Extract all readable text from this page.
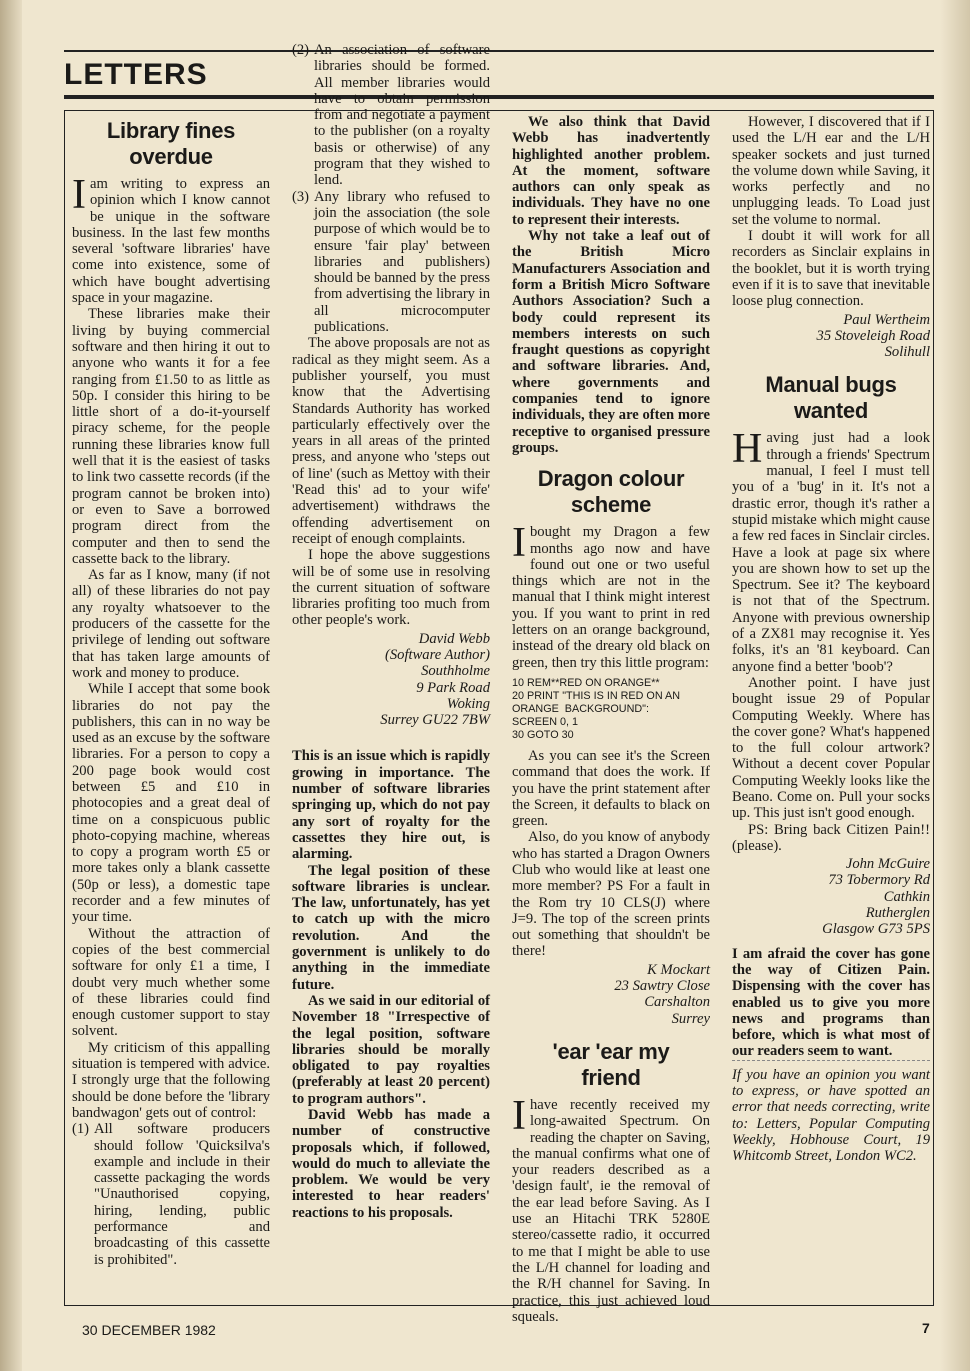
LETTERS
Library fines
overdue

Iam writing to express an opinion which I know cannot be unique in the software business. In the last few months several 'software libraries' have come into existence, some of which have bought advertising space in your magazine.

These libraries make their living by buying commercial software and then hiring it out to anyone who wants it for a fee ranging from £1.50 to as little as 50p. I consider this hiring to be little short of a do-it-yourself piracy scheme, for the people running these libraries know full well that it is the easiest of tasks to link two cassette records (if the program cannot be broken into) or even to Save a borrowed program direct from the computer and then to send the cassette back to the library.

As far as I know, many (if not all) of these libraries do not pay any royalty whatsoever to the producers of the cassette for the privilege of lending out software that has taken large amounts of work and money to produce.

While I accept that some book libraries do not pay the publishers, this can in no way be used as an excuse by the software libraries. For a person to copy a 200 page book would cost between £5 and £10 in photocopies and a great deal of time on a conspicuous public photo-copying machine, whereas to copy a program worth £5 or more takes only a blank cassette (50p or less), a domestic tape recorder and a few minutes of your time.

Without the attraction of copies of the best commercial software for only £1 a time, I doubt very much whether some of these libraries could find enough customer support to stay solvent.

My criticism of this appalling situation is tempered with advice. I strongly urge that the following should be done before the 'library bandwagon' gets out of control:

(1) All software producers should follow 'Quicksilva's example and include in their cassette packaging the words "Unauthorised copying, hiring, lending, public performance and broadcasting of this cassette is prohibited".
(2) An association of software libraries should be formed. All member libraries would have to obtain permission from and negotiate a payment to the publisher (on a royalty basis or otherwise) of any program that they wished to lend.
(3) Any library who refused to join the association (the sole purpose of which would be to ensure 'fair play' between libraries and publishers) should be banned by the press from advertising the library in all microcomputer publications.

The above proposals are not as radical as they might seem. As a publisher yourself, you must know that the Advertising Standards Authority has worked particularly effectively over the years in all areas of the printed press, and anyone who 'steps out of line' (such as Mettoy with their 'Read this' ad to your wife' advertisement) withdraws the offending advertisement on receipt of enough complaints.

I hope the above suggestions will be of some use in resolving the current situation of software libraries profiting too much from other people's work.

David Webb
(Software Author)
Southholme
9 Park Road
Woking
Surrey GU22 7BW

This is an issue which is rapidly growing in importance. The number of software libraries springing up, which do not pay any sort of royalty for the cassettes they hire out, is alarming.

The legal position of these software libraries is unclear. The law, unfortunately, has yet to catch up with the micro revolution. And the government is unlikely to do anything in the immediate future.

As we said in our editorial of November 18 "Irrespective of the legal position, software libraries should be morally obligated to pay royalties (preferably at least 20 percent) to program authors".

David Webb has made a number of constructive proposals which, if followed, would do much to alleviate the problem. We would be very interested to hear readers' reactions to his proposals.

We also think that David Webb has inadvertently highlighted another problem. At the moment, software authors can only speak as individuals. They have no one to represent their interests.

Why not take a leaf out of the British Micro Manufacturers Association and form a British Micro Software Authors Association? Such a body could represent its members interests on such fraught questions as copyright and software libraries. And, where governments and companies tend to ignore individuals, they are often more receptive to organised pressure groups.

Dragon colour
scheme

Ibought my Dragon a few months ago now and have found out one or two useful things which are not in the manual that I think might interest you. If you want to print in red letters on an orange background, instead of the dreary old black on green, then try this little program:

10 REM**RED ON ORANGE**
20 PRINT "THIS IS IN RED ON AN
ORANGE  BACKGROUND":
SCREEN 0, 1
30 GOTO 30

As you can see it's the Screen command that does the work. If you have the print statement after the Screen, it defaults to black on green.

Also, do you know of anybody who has started a Dragon Owners Club who would like at least one more member? PS For a fault in the Rom try 10 CLS(J) where J=9. The top of the screen prints out something that shouldn't be there!

K Mockart
23 Sawtry Close
Carshalton
Surrey
'ear 'ear my
friend

Ihave recently received my long-awaited Spectrum. On reading the chapter on Saving, the manual confirms what one of your readers described as a 'design fault', ie the removal of the ear lead before Saving. As I use an Hitachi TRK 5280E stereo/cassette radio, it occurred to me that I might be able to use the L/H channel for loading and the R/H channel for Saving. In practice, this just achieved loud squeals.

However, I discovered that if I used the L/H ear and the L/H speaker sockets and just turned the volume down while Saving, it works perfectly and no unplugging leads. To Load just set the volume to normal.

I doubt it will work for all recorders as Sinclair explains in the booklet, but it is worth trying even if it is to save that inevitable loose plug connection.

Paul Wertheim
35 Stoveleigh Road
Solihull
Manual bugs
wanted

Having just had a look through a friends' Spectrum manual, I feel I must tell you of a 'bug' in it. It's not a drastic error, though it's rather a stupid mistake which might cause a few red faces in Sinclair circles. Have a look at page six where you are shown how to set up the Spectrum. See it? The keyboard is not that of the Spectrum. Anyone with previous ownership of a ZX81 may recognise it. Yes folks, it's an '81 keyboard. Can anyone find a better 'boob'?

Another point. I have just bought issue 29 of Popular Computing Weekly. Where has the cover gone? What's happened to the full colour artwork? Without a decent cover Popular Computing Weekly looks like the Beano. Come on. Pull your socks up. This just isn't good enough.

PS: Bring back Citizen Pain!! (please).

John McGuire
73 Tobermory Rd
Cathkin
Rutherglen
Glasgow G73 5PS

I am afraid the cover has gone the way of Citizen Pain. Dispensing with the cover has enabled us to give you more news and programs than before, which is what most of our readers seem to want.

If you have an opinion you want to express, or have spotted an error that needs correcting, write to: Letters, Popular Computing Weekly, Hobhouse Court, 19 Whitcomb Street, London WC2.

30 DECEMBER 1982	7
